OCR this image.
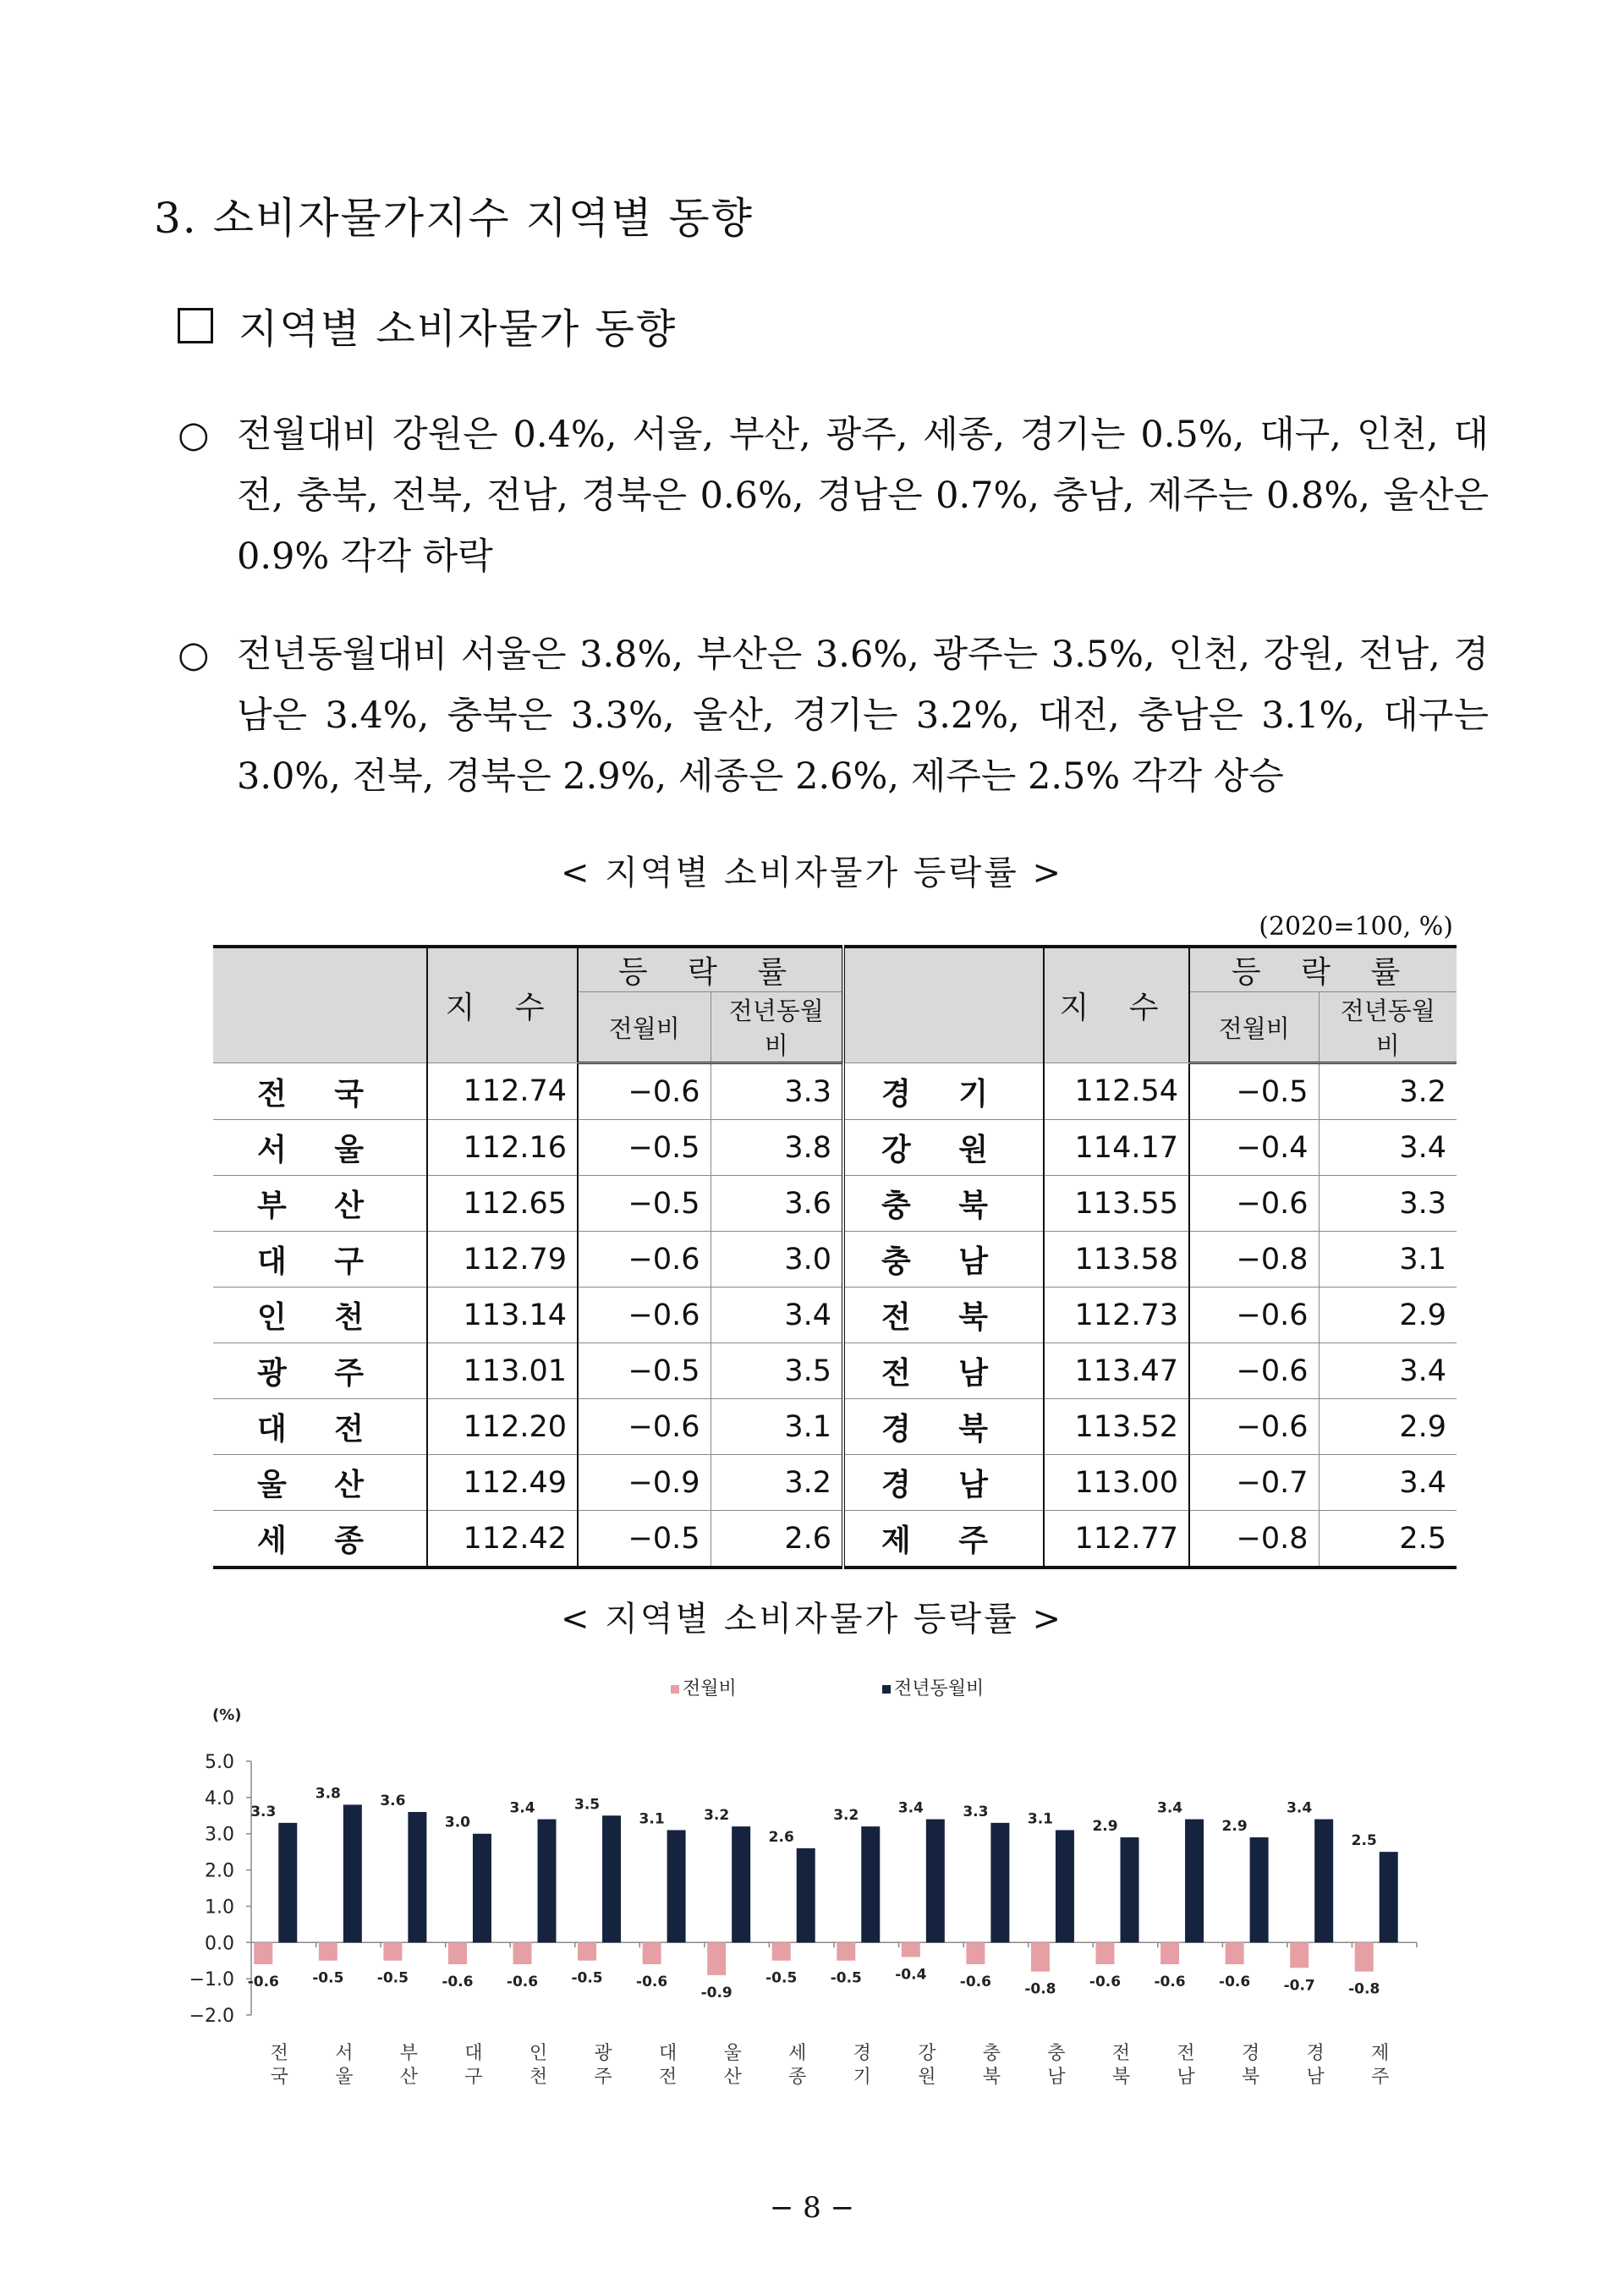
3. 소비자물가지수 지역별 동향
지역별 소비자물가 동향
○ 전월대비 강원은 0.4%, 서울, 부산, 광주, 세종, 경기는 0.5%, 대구, 인천, 대전, 충북, 전북, 전남, 경북은 0.6%, 경남은 0.7%, 충남, 제주는 0.8%, 울산은 0.9% 각각 하락
○ 전년동월대비 서울은 3.8%, 부산은 3.6%, 광주는 3.5%, 인천, 강원, 전남, 경남은 3.4%, 충북은 3.3%, 울산, 경기는 3.2%, 대전, 충남은 3.1%, 대구는 3.0%, 전북, 경북은 2.9%, 세종은 2.6%, 제주는 2.5% 각각 상승
< 지역별 소비자물가 등락률 >
(2020=100, %)
	지 수	등 락 률			지 수	등 락 률	
		전월비	전년동월비			전월비	전년동월비
전 국	112.74	−0.6	3.3	경 기	112.54	−0.5	3.2
서 울	112.16	−0.5	3.8	강 원	114.17	−0.4	3.4
부 산	112.65	−0.5	3.6	충 북	113.55	−0.6	3.3
대 구	112.79	−0.6	3.0	충 남	113.58	−0.8	3.1
인 천	113.14	−0.6	3.4	전 북	112.73	−0.6	2.9
광 주	113.01	−0.5	3.5	전 남	113.47	−0.6	3.4
대 전	112.20	−0.6	3.1	경 북	113.52	−0.6	2.9
울 산	112.49	−0.9	3.2	경 남	113.00	−0.7	3.4
세 종	112.42	−0.5	2.6	제 주	112.77	−0.8	2.5
< 지역별 소비자물가 등락률 >
전월비	전년동월비
(%)
5.0
4.0
3.0
2.0
1.0
0.0
−1.0
−2.0
-0.6
3.3
전
국
-0.5
3.8
서
울
-0.5
3.6
부
산
-0.6
3.0
대
구
-0.6
3.4
인
천
-0.5
3.5
광
주
-0.6
3.1
대
전
-0.9
3.2
울
산
-0.5
2.6
세
종
-0.5
3.2
경
기
-0.4
3.4
강
원
-0.6
3.3
충
북
-0.8
3.1
충
남
-0.6
2.9
전
북
-0.6
3.4
전
남
-0.6
2.9
경
북
-0.7
3.4
경
남
-0.8
2.5
제
주
− 8 −
